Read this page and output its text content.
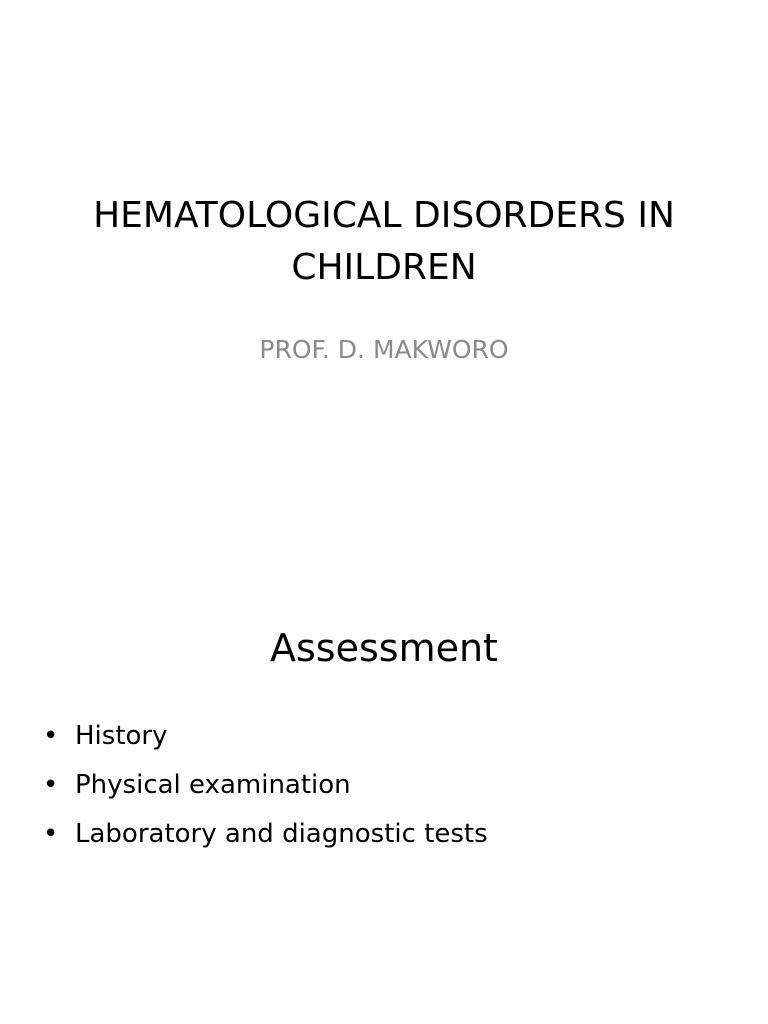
HEMATOLOGICAL DISORDERS IN CHILDREN

PROF. D. MAKWORO

Assessment
• History
• Physical examination
• Laboratory and diagnostic tests
